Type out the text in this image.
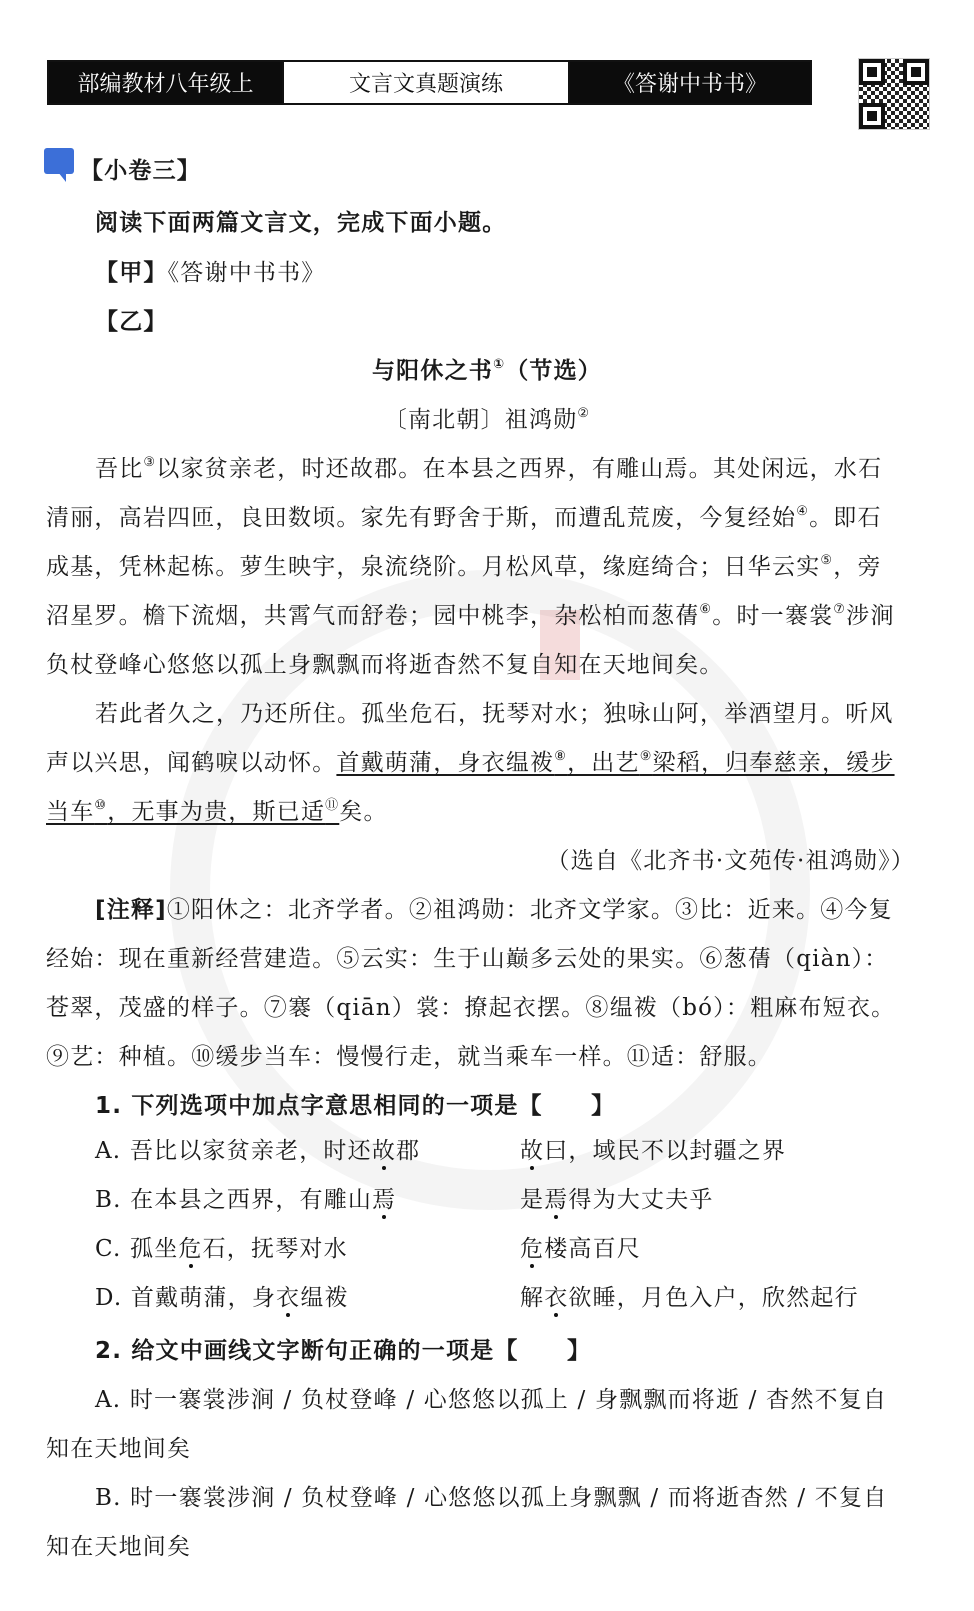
部编教材八年级上	文言文真题演练	《答谢中书书》
【小卷三】
阅读下面两篇文言文，完成下面小题。
【甲】《答谢中书书》
【乙】
与阳休之书①（节选）
〔南北朝〕祖鸿勋②
吾比③以家贫亲老，时还故郡。在本县之西界，有雕山焉。其处闲远，水石
清丽，高岩四匝，良田数顷。家先有野舍于斯，而遭乱荒废，今复经始④。即石
成基，凭林起栋。萝生映宇，泉流绕阶。月松风草，缘庭绮合；日华云实⑤，旁
沼星罗。檐下流烟，共霄气而舒卷；园中桃李，杂松柏而葱蒨⑥。时一褰裳⑦涉涧
负杖登峰心悠悠以孤上身飘飘而将逝杳然不复自知在天地间矣。
若此者久之，乃还所住。孤坐危石，抚琴对水；独咏山阿，举酒望月。听风
声以兴思，闻鹤唳以动怀。首戴萌蒲，身衣缊袯⑧，出艺⑨梁稻，归奉慈亲，缓步
当车⑩，无事为贵，斯已适⑪矣。
（选自《北齐书·文苑传·祖鸿勋》）
[注释]①阳休之：北齐学者。②祖鸿勋：北齐文学家。③比：近来。④今复
经始：现在重新经营建造。⑤云实：生于山巅多云处的果实。⑥葱蒨（qiàn）：
苍翠，茂盛的样子。⑦褰（qiān）裳：撩起衣摆。⑧缊袯（bó）：粗麻布短衣。
⑨艺：种植。⑩缓步当车：慢慢行走，就当乘车一样。⑪适：舒服。
1. 下列选项中加点字意思相同的一项是【　　】
A. 吾比以家贫亲老，时还故郡	故曰，域民不以封疆之界
B. 在本县之西界，有雕山焉	是焉得为大丈夫乎
C. 孤坐危石，抚琴对水	危楼高百尺
D. 首戴萌蒲，身衣缊袯	解衣欲睡，月色入户，欣然起行
2. 给文中画线文字断句正确的一项是【　　】
A. 时一褰裳涉涧 / 负杖登峰 / 心悠悠以孤上 / 身飘飘而将逝 / 杳然不复自
知在天地间矣
B. 时一褰裳涉涧 / 负杖登峰 / 心悠悠以孤上身飘飘 / 而将逝杳然 / 不复自
知在天地间矣
